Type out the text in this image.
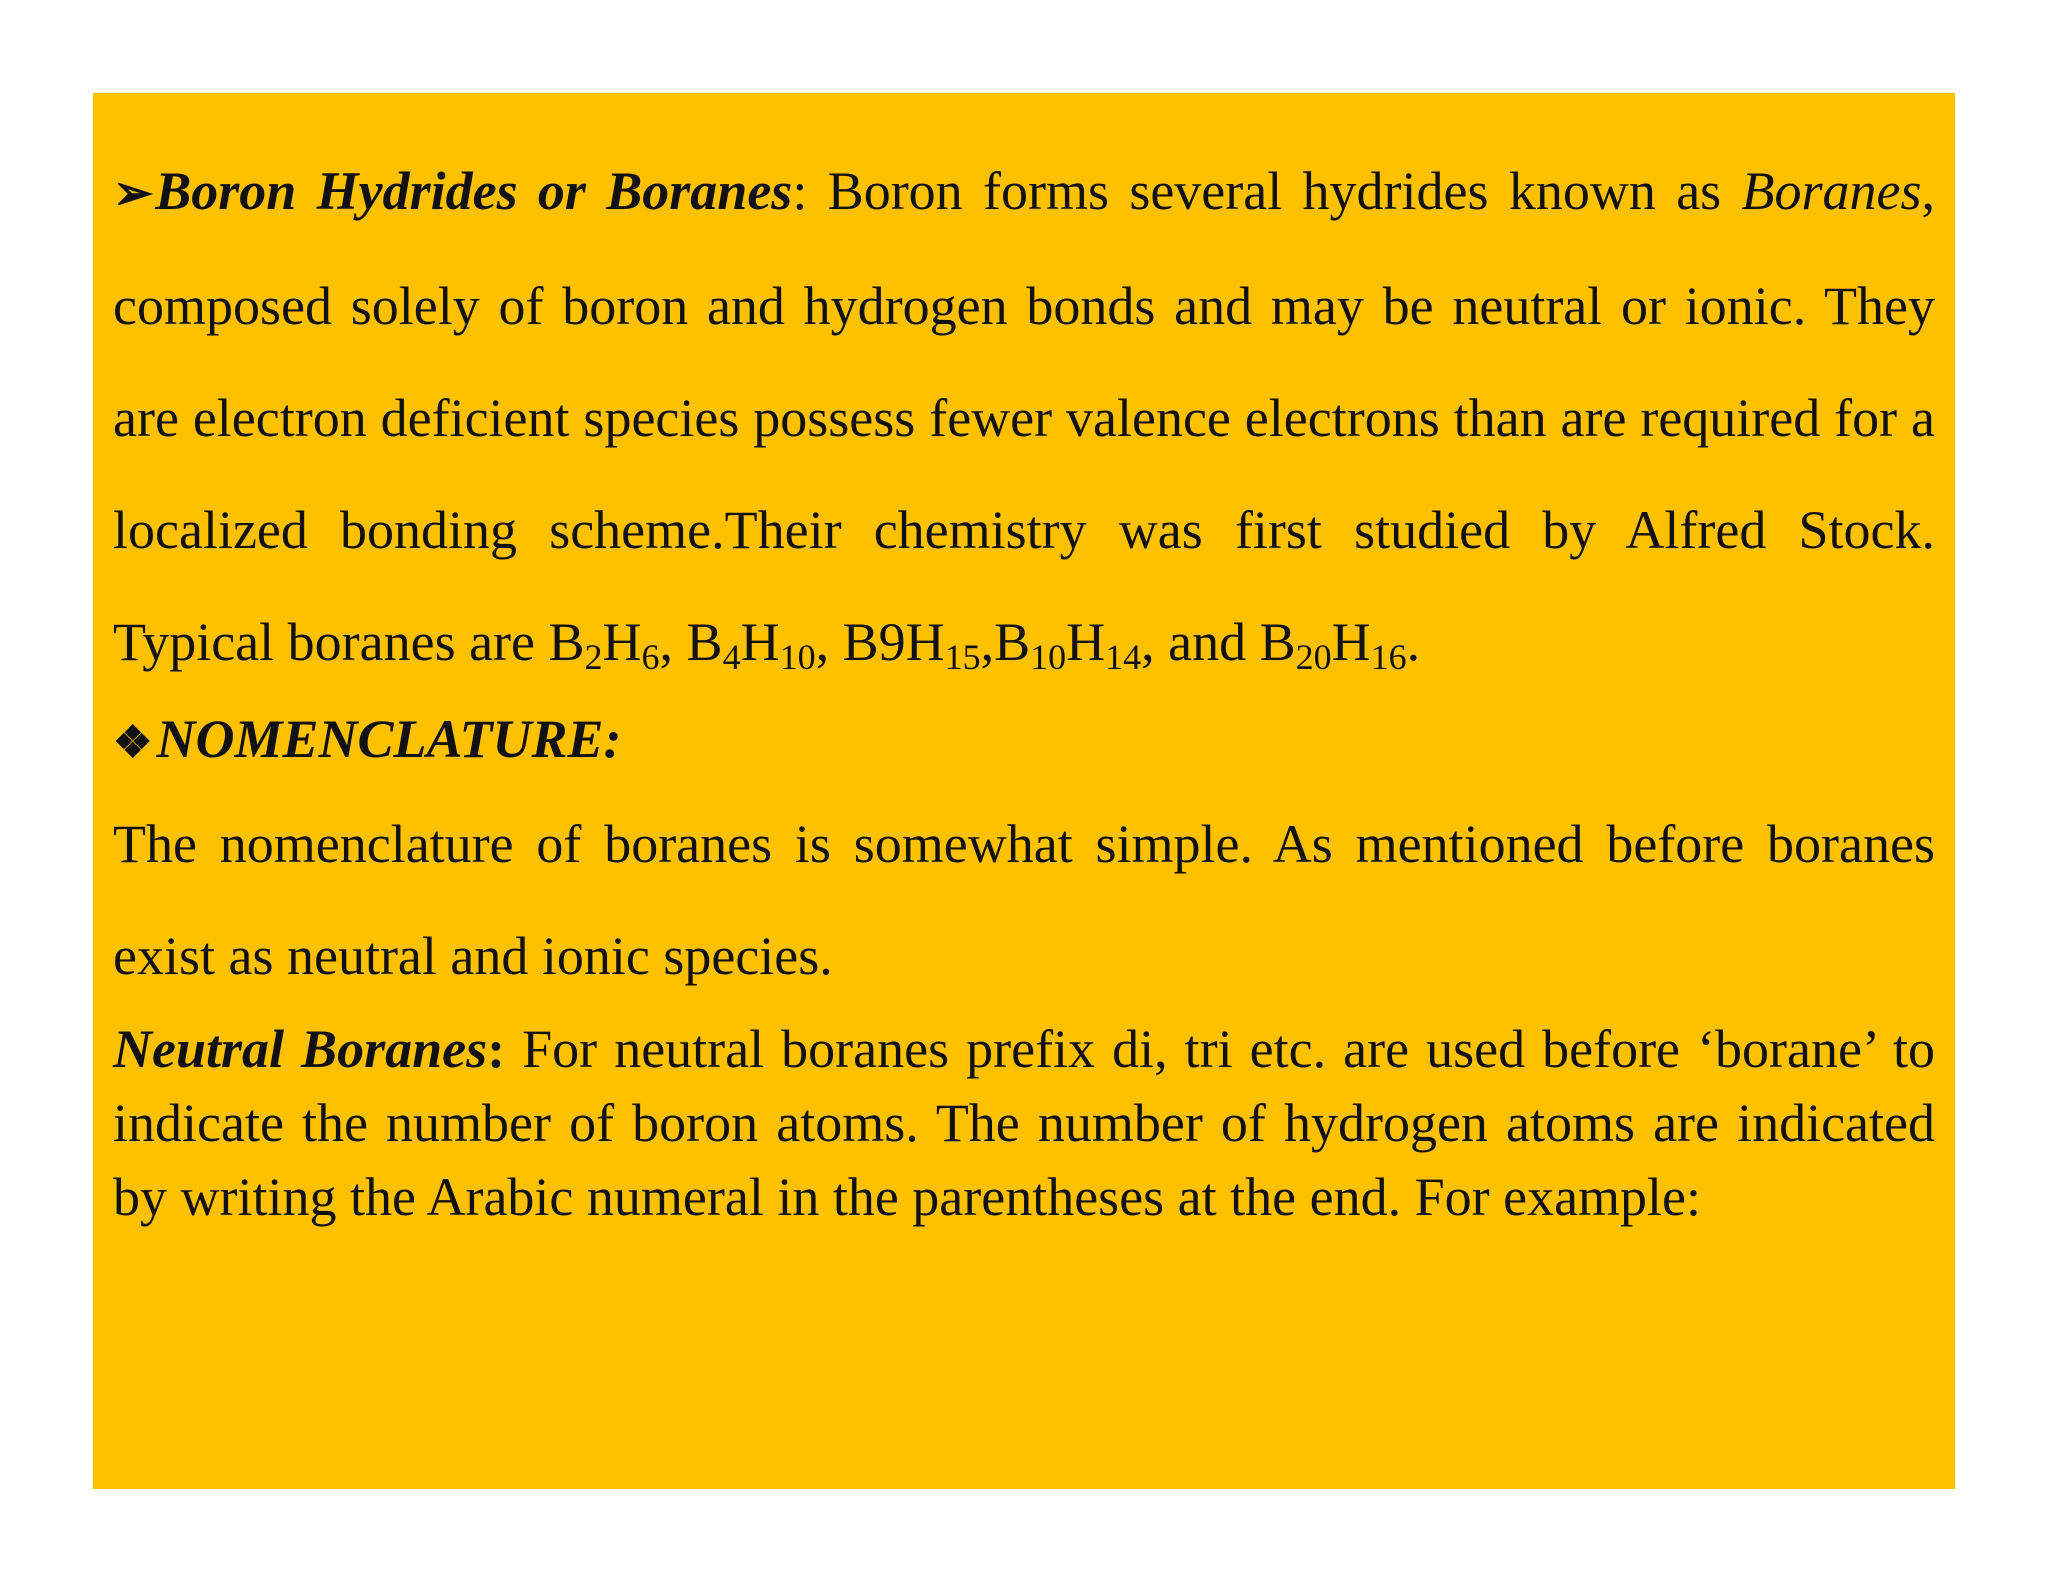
➢Boron Hydrides or Boranes: Boron forms several hydrides known as Boranes, composed solely of boron and hydrogen bonds and may be neutral or ionic. They are electron deficient species possess fewer valence electrons than are required for a localized bonding scheme.Their chemistry was first studied by Alfred Stock. Typical boranes are $B_2H_6$, $B_4H_{10}$, $B9H_{15},B_{10}H_{14}$, and $B_{20}H_{16}$.

❖NOMENCLATURE:

The nomenclature of boranes is somewhat simple. As mentioned before boranes exist as neutral and ionic species.

Neutral Boranes: For neutral boranes prefix di, tri etc. are used before ‘borane’ to indicate the number of boron atoms. The number of hydrogen atoms are indicated by writing the Arabic numeral in the parentheses at the end. For example:
